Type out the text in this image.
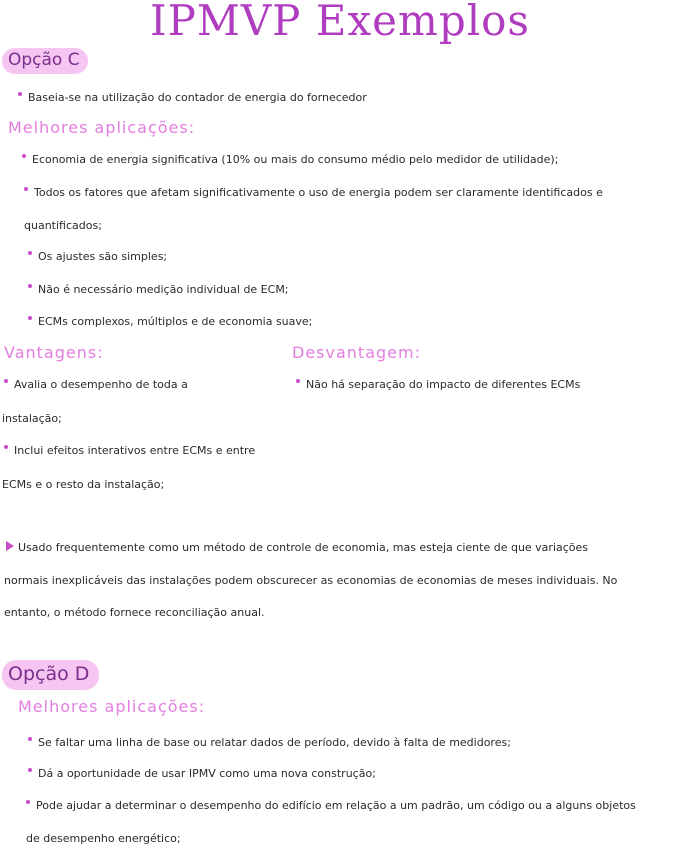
IPMVP Exemplos
Opção C
Baseia-se na utilização do contador de energia do fornecedor
Melhores aplicações:
Economia de energia significativa (10% ou mais do consumo médio pelo medidor de utilidade);
Todos os fatores que afetam significativamente o uso de energia podem ser claramente identificados e
quantificados;
Os ajustes são simples;
Não é necessário medição individual de ECM;
ECMs complexos, múltiplos e de economia suave;
Vantagens:
Avalia o desempenho de toda a
instalação;
Inclui efeitos interativos entre ECMs e entre
ECMs e o resto da instalação;
Desvantagem:
Não há separação do impacto de diferentes ECMs
Usado frequentemente como um método de controle de economia, mas esteja ciente de que variações
normais inexplicáveis das instalações podem obscurecer as economias de economias de meses individuais. No
entanto, o método fornece reconciliação anual.
Opção D
Melhores aplicações:
Se faltar uma linha de base ou relatar dados de período, devido à falta de medidores;
Dá a oportunidade de usar IPMV como uma nova construção;
Pode ajudar a determinar o desempenho do edifício em relação a um padrão, um código ou a alguns objetos
de desempenho energético;
